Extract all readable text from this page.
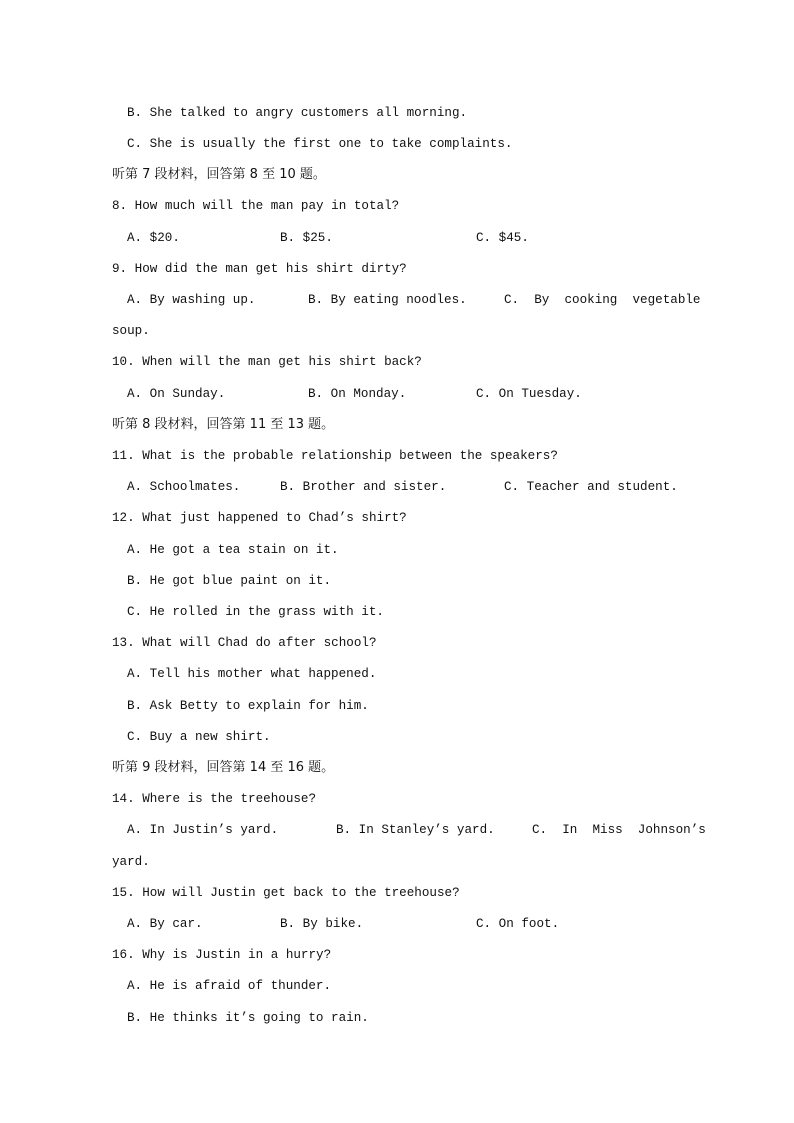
B. She talked to angry customers all morning.
C. She is usually the first one to take complaints.
听第 7 段材料，回答第 8 至 10 题。
8. How much will the man pay in total?
A. $20.	B. $25.	C. $45.
9. How did the man get his shirt dirty?
A. By washing up.	B. By eating noodles.	C.  By  cooking  vegetable
soup.
10. When will the man get his shirt back?
A. On Sunday.	B. On Monday.	C. On Tuesday.
听第 8 段材料，回答第 11 至 13 题。
11. What is the probable relationship between the speakers?
A. Schoolmates.	B. Brother and sister.	C. Teacher and student.
12. What just happened to Chad’s shirt?
A. He got a tea stain on it.
B. He got blue paint on it.
C. He rolled in the grass with it.
13. What will Chad do after school?
A. Tell his mother what happened.
B. Ask Betty to explain for him.
C. Buy a new shirt.
听第 9 段材料，回答第 14 至 16 题。
14. Where is the treehouse?
A. In Justin’s yard.	B. In Stanley’s yard.	C.  In  Miss  Johnson’s
yard.
15. How will Justin get back to the treehouse?
A. By car.	B. By bike.	C. On foot.
16. Why is Justin in a hurry?
A. He is afraid of thunder.
B. He thinks it’s going to rain.
